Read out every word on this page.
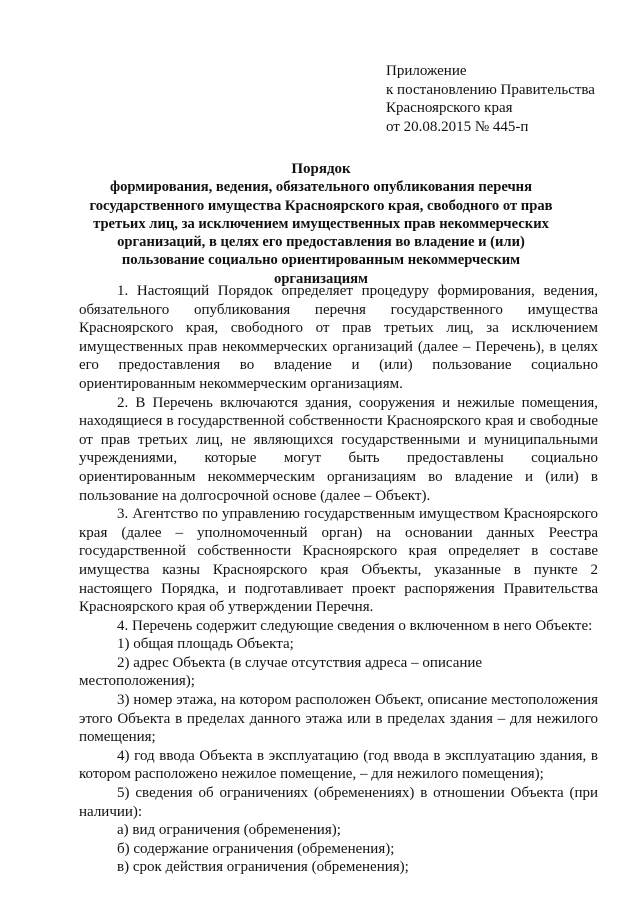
Приложение
к постановлению Правительства
Красноярского края
от 20.08.2015 № 445-п
Порядок
формирования, ведения, обязательного опубликования перечня государственного имущества Красноярского края, свободного от прав третьих лиц, за исключением имущественных прав некоммерческих организаций, в целях его предоставления во владение и (или) пользование социально ориентированным некоммерческим организациям

1. Настоящий Порядок определяет процедуру формирования, ведения, обязательного опубликования перечня государственного имущества Красноярского края, свободного от прав третьих лиц, за исключением имущественных прав некоммерческих организаций (далее – Перечень), в целях его предоставления во владение и (или) пользование социально ориентированным некоммерческим организациям.

2. В Перечень включаются здания, сооружения и нежилые помещения, находящиеся в государственной собственности Красноярского края и свободные от прав третьих лиц, не являющихся государственными и муниципальными учреждениями, которые могут быть предоставлены социально ориентированным некоммерческим организациям во владение и (или) в пользование на долгосрочной основе (далее – Объект).

3. Агентство по управлению государственным имуществом Красноярского края (далее – уполномоченный орган) на основании данных Реестра государственной собственности Красноярского края определяет в составе имущества казны Красноярского края Объекты, указанные в пункте 2 настоящего Порядка, и подготавливает проект распоряжения Правительства Красноярского края об утверждении Перечня.

4. Перечень содержит следующие сведения о включенном в него Объекте:

1) общая площадь Объекта;

2) адрес Объекта (в случае отсутствия адреса – описание местоположения);

3) номер этажа, на котором расположен Объект, описание местоположения этого Объекта в пределах данного этажа или в пределах здания – для нежилого помещения;

4) год ввода Объекта в эксплуатацию (год ввода в эксплуатацию здания, в котором расположено нежилое помещение, – для нежилого помещения);

5) сведения об ограничениях (обременениях) в отношении Объекта (при наличии):

а) вид ограничения (обременения);

б) содержание ограничения (обременения);

в) срок действия ограничения (обременения);
